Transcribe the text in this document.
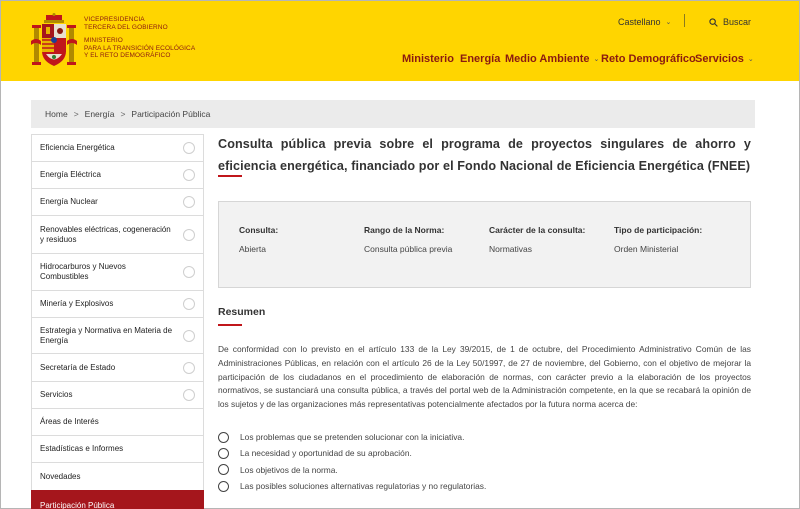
VICEPRESIDENCIA
TERCERA DEL GOBIERNO
MINISTERIO
PARA LA TRANSICIÓN ECOLÓGICA
Y EL RETO DEMOGRÁFICO
Castellano ⌄	Buscar
Ministerio Energía Medio Ambiente ⌄ Reto Demográfico Servicios ⌄
Home > Energía > Participación Pública
Eficiencia Energética
Energía Eléctrica
Energía Nuclear
Renovables eléctricas, cogeneración y residuos
Hidrocarburos y Nuevos Combustibles
Minería y Explosivos
Estrategia y Normativa en Materia de Energía
Secretaría de Estado
Servicios
Áreas de Interés
Estadísticas e Informes
Novedades
Participación Pública
Consulta pública previa sobre el programa de proyectos singulares de ahorro y eficiencia energética, financiado por el Fondo Nacional de Eficiencia Energética (FNEE)
Consulta:
Abierta
Rango de la Norma:
Consulta pública previa
Carácter de la consulta:
Normativas
Tipo de participación:
Orden Ministerial
Resumen
De conformidad con lo previsto en el artículo 133 de la Ley 39/2015, de 1 de octubre, del Procedimiento Administrativo Común de las Administraciones Públicas, en relación con el artículo 26 de la Ley 50/1997, de 27 de noviembre, del Gobierno, con el objetivo de mejorar la participación de los ciudadanos en el procedimiento de elaboración de normas, con carácter previo a la elaboración de los proyectos normativos, se sustanciará una consulta pública, a través del portal web de la Administración competente, en la que se recabará la opinión de los sujetos y de las organizaciones más representativas potencialmente afectados por la futura norma acerca de:
Los problemas que se pretenden solucionar con la iniciativa.
La necesidad y oportunidad de su aprobación.
Los objetivos de la norma.
Las posibles soluciones alternativas regulatorias y no regulatorias.
